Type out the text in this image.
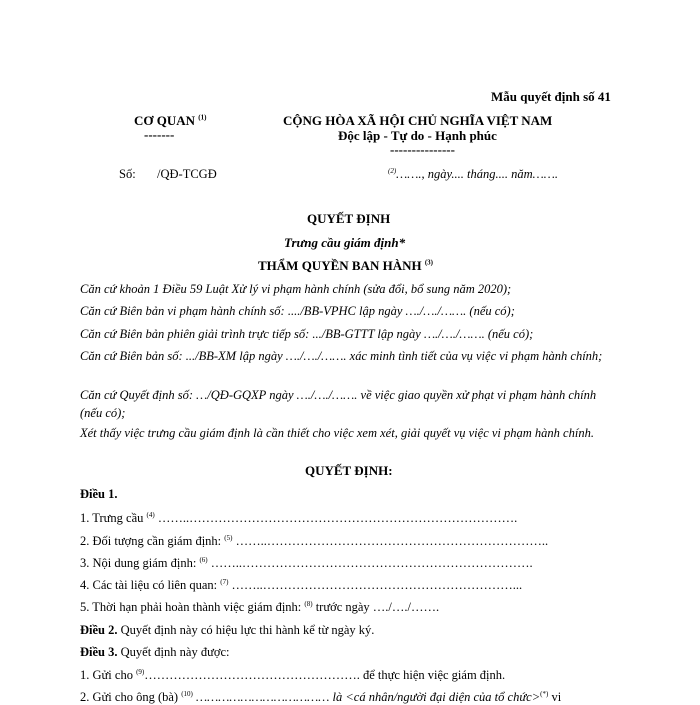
Mẫu quyết định số 41
CƠ QUAN $^{(1)}$
-------
CỘNG HÒA XÃ HỘI CHỦ NGHĨA VIỆT NAM
Độc lập - Tự do - Hạnh phúc
---------------
Số: /QĐ-TCGĐ	$^{(2)}$……., ngày.... tháng.... năm…….
QUYẾT ĐỊNH
Trưng cầu giám định*
THẨM QUYỀN BAN HÀNH $^{(3)}$
Căn cứ khoản 1 Điều 59 Luật Xử lý vi phạm hành chính (sửa đổi, bổ sung năm 2020);
Căn cứ Biên bản vi phạm hành chính số: ..../BB-VPHC lập ngày …./…./……. (nếu có);
Căn cứ Biên bản phiên giải trình trực tiếp số: .../BB-GTTT lập ngày …./…./……. (nếu có);
Căn cứ Biên bản số: .../BB-XM lập ngày …./…./……. xác minh tình tiết của vụ việc vi phạm hành chính;
Căn cứ Quyết định số: …/QĐ-GQXP ngày …./…./……. về việc giao quyền xử phạt vi phạm hành chính (nếu có);
Xét thấy việc trưng cầu giám định là cần thiết cho việc xem xét, giải quyết vụ việc vi phạm hành chính.
QUYẾT ĐỊNH:
Điều 1.
1. Trưng cầu $^{(4)}$ ……..…………………………………………………………………….
2. Đối tượng cần giám định: $^{(5)}$ ……..…………………………………………………………..
3. Nội dung giám định: $^{(6)}$ ……..…………………………………………………………….
4. Các tài liệu có liên quan: $^{(7)}$ ……..……………………………………………………...
5. Thời hạn phải hoàn thành việc giám định: $^{(8)}$ trước ngày …./…./…….
Điều 2. Quyết định này có hiệu lực thi hành kể từ ngày ký.
Điều 3. Quyết định này được:
1. Gửi cho $^{(9)}$……………………………………………. để thực hiện việc giám định.
2. Gửi cho ông (bà) $^{(10)}$ ……………………………… là <cá nhân/người đại diện của tổ chức>(*) vi
